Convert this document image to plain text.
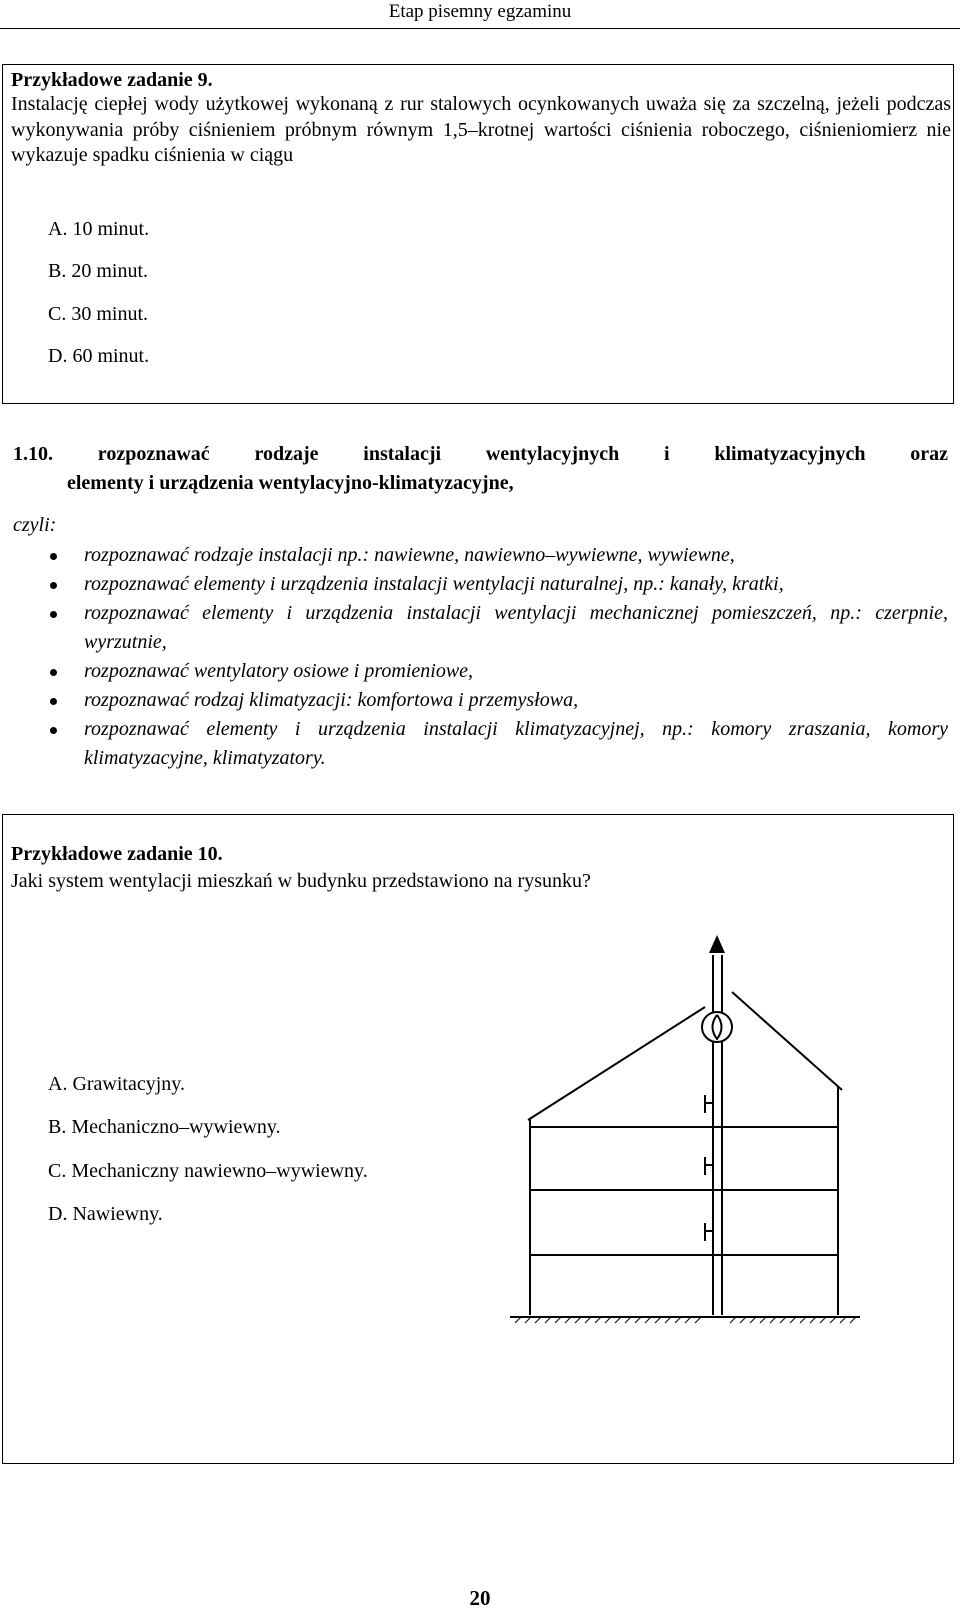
Etap pisemny egzaminu
Przykładowe zadanie 9.
Instalację ciepłej wody użytkowej wykonaną z rur stalowych ocynkowanych uważa się za szczelną, jeżeli podczas wykonywania próby ciśnieniem próbnym równym 1,5–krotnej wartości ciśnienia roboczego, ciśnieniomierz nie wykazuje spadku ciśnienia w ciągu
A. 10 minut.
B. 20 minut.
C. 30 minut.
D. 60 minut.
1.10. rozpoznawać rodzaje instalacji wentylacyjnych i klimatyzacyjnych oraz
elementy i urządzenia wentylacyjno-klimatyzacyjne,
czyli:
rozpoznawać rodzaje instalacji np.: nawiewne, nawiewno–wywiewne, wywiewne,
rozpoznawać elementy i urządzenia instalacji wentylacji naturalnej, np.: kanały, kratki,
rozpoznawać elementy i urządzenia instalacji wentylacji mechanicznej pomieszczeń, np.: czerpnie, wyrzutnie,
rozpoznawać wentylatory osiowe i promieniowe,
rozpoznawać rodzaj klimatyzacji: komfortowa i przemysłowa,
rozpoznawać elementy i urządzenia instalacji klimatyzacyjnej, np.: komory zraszania, komory klimatyzacyjne, klimatyzatory.
Przykładowe zadanie 10.
Jaki system wentylacji mieszkań w budynku przedstawiono na rysunku?
A. Grawitacyjny.
B. Mechaniczno–wywiewny.
C. Mechaniczny nawiewno–wywiewny.
D. Nawiewny.
20
